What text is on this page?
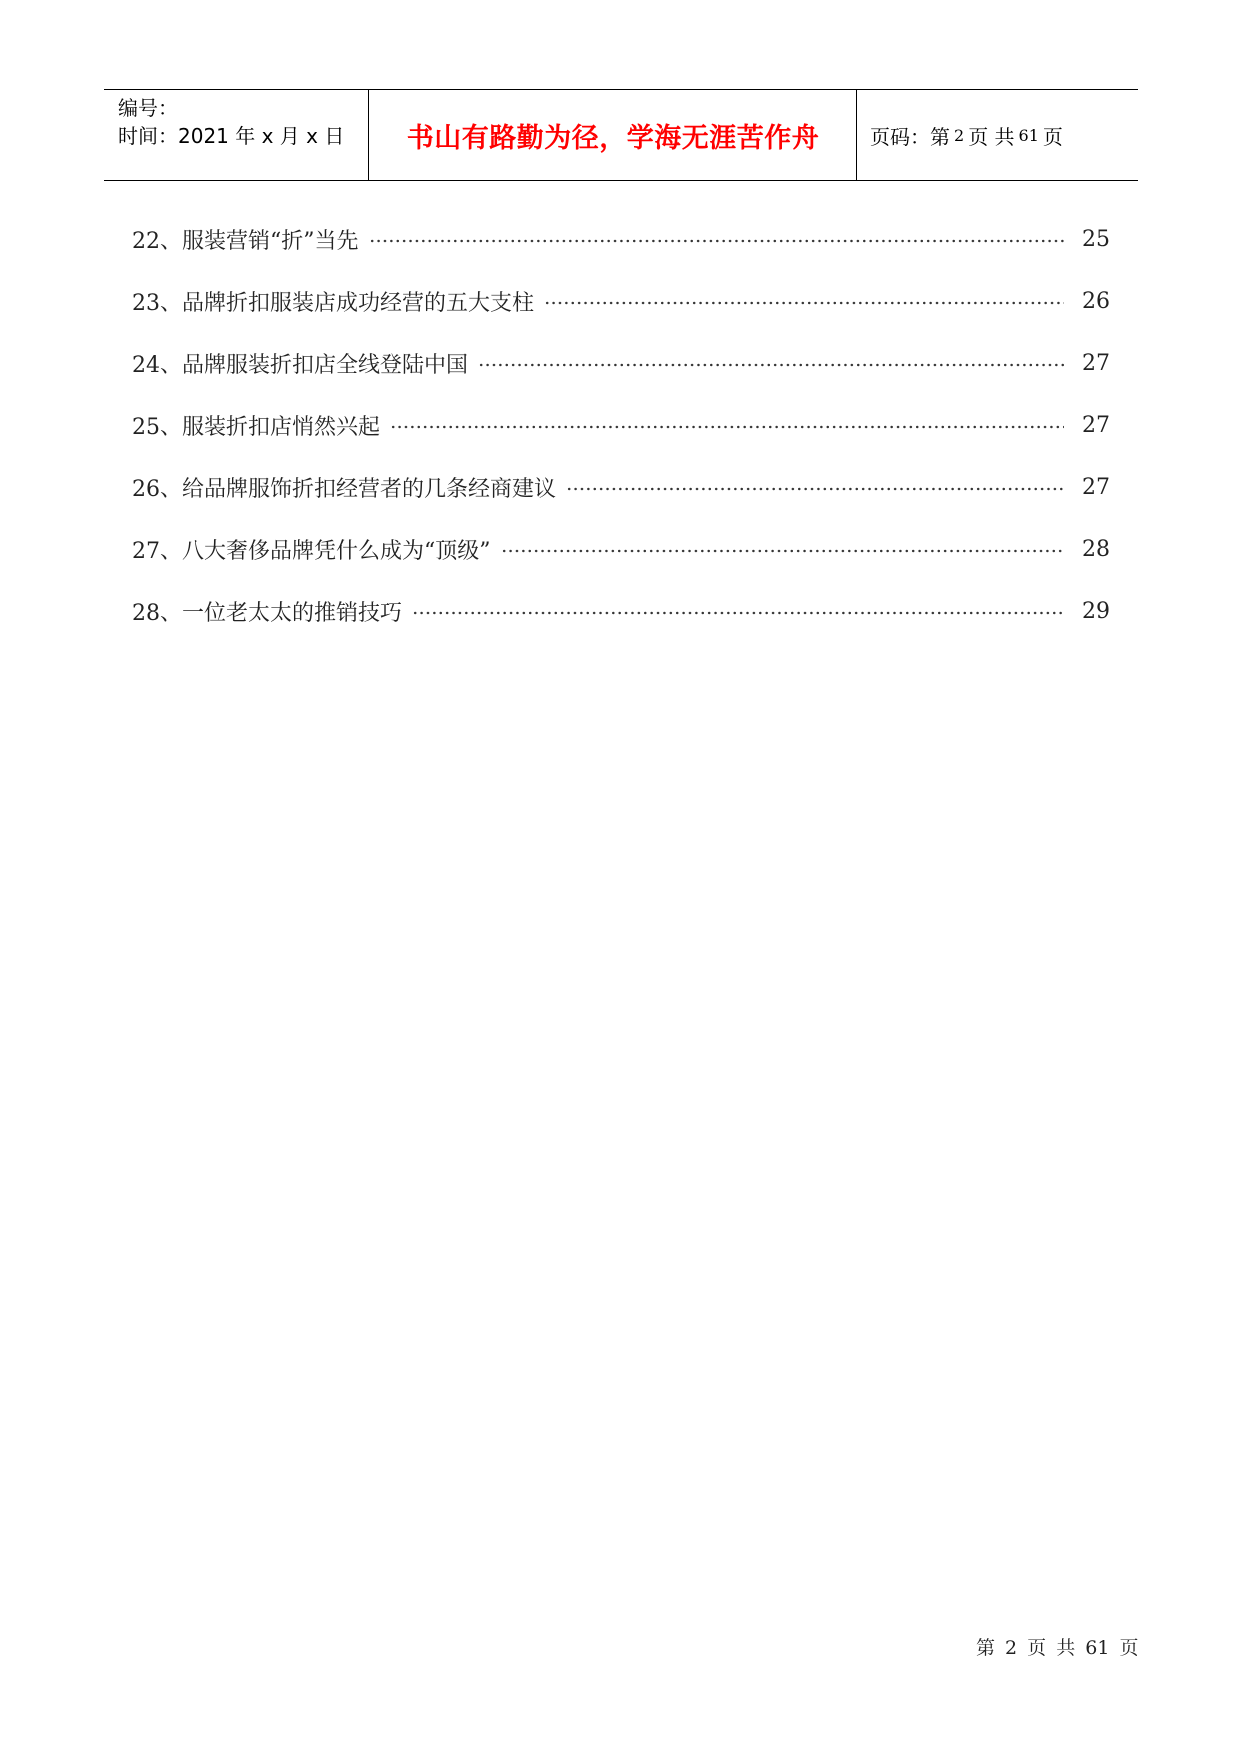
编号：
时间：2021 年 x 月 x 日	书山有路勤为径，学海无涯苦作舟	页码：第 2 页 共 61 页
22、服装营销“折”当先	25
23、品牌折扣服装店成功经营的五大支柱	26
24、品牌服装折扣店全线登陆中国	27
25、服装折扣店悄然兴起	27
26、给品牌服饰折扣经营者的几条经商建议	27
27、八大奢侈品牌凭什么成为“顶级”	28
28、一位老太太的推销技巧	29
第 2 页 共 61 页
